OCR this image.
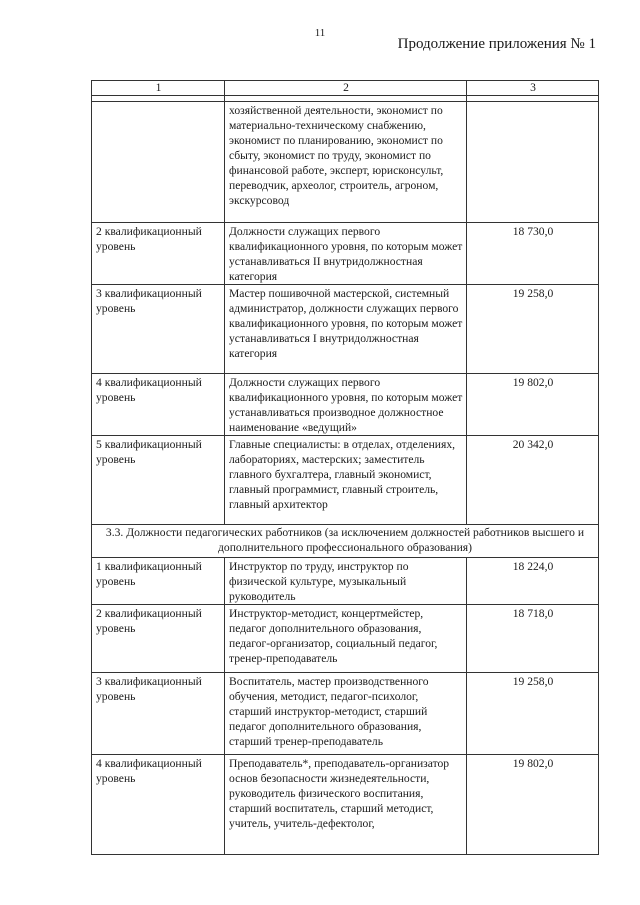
11
Продолжение приложения № 1
1	2	3

	хозяйственной деятельности, экономист по материально-техническому снабжению, экономист по планированию, экономист по сбыту, экономист по труду, экономист по финансовой работе, эксперт, юрисконсульт, переводчик, археолог, строитель, агроном, экскурсовод	
2 квалификационный уровень	Должности служащих первого квалификационного уровня, по которым может устанавливаться II внутридолжностная категория	18 730,0
3 квалификационный уровень	Мастер пошивочной мастерской, системный администратор, должности служащих первого квалификационного уровня, по которым может устанавливаться I внутридолжностная категория	19 258,0
4 квалификационный уровень	Должности служащих первого квалификационного уровня, по которым может устанавливаться производное должностное наименование «ведущий»	19 802,0
5 квалификационный уровень	Главные специалисты: в отделах, отделениях, лабораториях, мастерских; заместитель главного бухгалтера, главный экономист, главный программист, главный строитель, главный архитектор	20 342,0
3.3. Должности педагогических работников (за исключением должностей работников высшего и дополнительного профессионального образования)		
1 квалификационный уровень	Инструктор по труду, инструктор по физической культуре, музыкальный руководитель	18 224,0
2 квалификационный уровень	Инструктор-методист, концертмейстер, педагог дополнительного образования, педагог-организатор, социальный педагог, тренер-преподаватель	18 718,0
3 квалификационный уровень	Воспитатель, мастер производственного обучения, методист, педагог-психолог, старший инструктор-методист, старший педагог дополнительного образования, старший тренер-преподаватель	19 258,0
4 квалификационный уровень	Преподаватель*, преподаватель-организатор основ безопасности жизнедеятельности, руководитель физического воспитания, старший воспитатель, старший методист, учитель, учитель-дефектолог,	19 802,0
